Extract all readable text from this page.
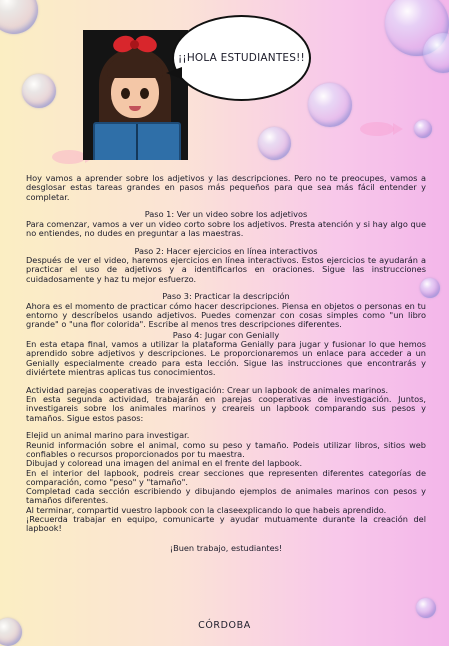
¡¡HOLA ESTUDIANTES!!

Hoy vamos a aprender sobre los adjetivos y las descripciones. Pero no te preocupes, vamos a desglosar estas tareas grandes en pasos más pequeños para que sea más fácil entender y completar.

Paso 1: Ver un video sobre los adjetivos

Para comenzar, vamos a ver un video corto sobre los adjetivos. Presta atención y si hay algo que no entiendes, no dudes en preguntar a las maestras.

Paso 2: Hacer ejercicios en línea interactivos

Después de ver el video, haremos ejercicios en línea interactivos. Estos ejercicios te ayudarán a practicar el uso de adjetivos y a identificarlos en oraciones. Sigue las instrucciones cuidadosamente y haz tu mejor esfuerzo.

Paso 3: Practicar la descripción

Ahora es el momento de practicar cómo hacer descripciones. Piensa en objetos o personas en tu entorno y descríbelos usando adjetivos. Puedes comenzar con cosas simples como "un libro grande" o "una flor colorida". Escribe al menos tres descripciones diferentes.

Paso 4: Jugar con Genially

En esta etapa final, vamos a utilizar la plataforma Genially para jugar y fusionar lo que hemos aprendido sobre adjetivos y descripciones. Le proporcionaremos un enlace para acceder a un Genially especialmente creado para esta lección. Sigue las instrucciones que encontrarás y diviértete mientras aplicas tus conocimientos.

Actividad parejas cooperativas de investigación: Crear un lapbook de animales marinos.

En esta segunda actividad, trabajarán en parejas cooperativas de investigación. Juntos, investigareis sobre los animales marinos y creareis un lapbook comparando sus pesos y tamaños. Sigue estos pasos:

Elejid un animal marino para investigar.

Reunid información sobre el animal, como su peso y tamaño. Podeis utilizar libros, sitios web confiables o recursos proporcionados por tu maestra.

Dibujad y coloread una imagen del animal en el frente del lapbook.

En el interior del lapbook, podreis crear secciones que representen diferentes categorías de comparación, como "peso" y "tamaño".

Completad cada sección escribiendo y dibujando ejemplos de animales marinos con pesos y tamaños diferentes.

Al terminar, compartid vuestro lapbook con la claseexplicando lo que habeis aprendido.

¡Recuerda trabajar en equipo, comunicarte y ayudar mutuamente durante la creación del lapbook!

¡Buen trabajo, estudiantes!

CÓRDOBA
